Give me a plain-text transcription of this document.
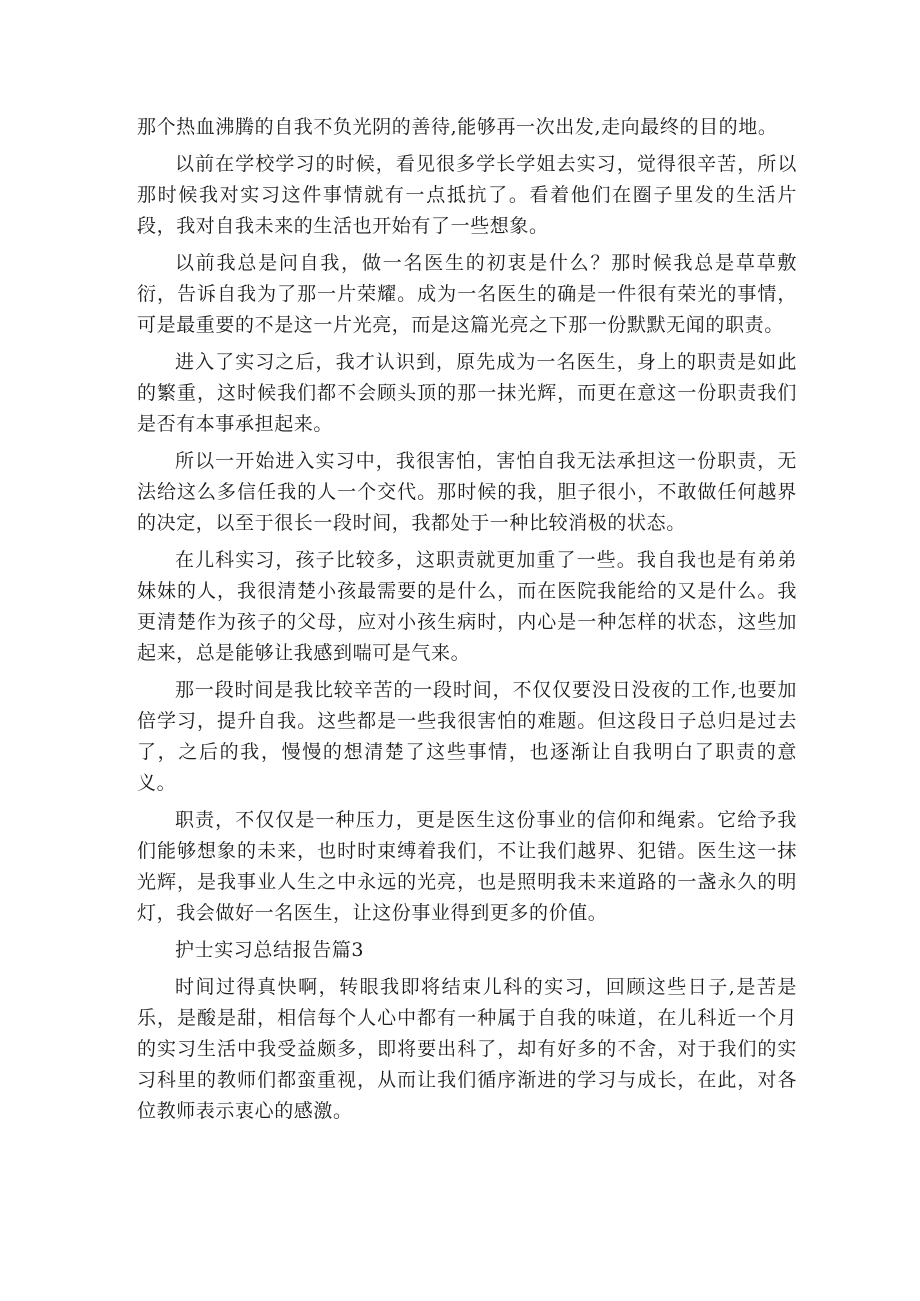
那个热血沸腾的自我不负光阴的善待,能够再一次出发,走向最终的目的地。

以前在学校学习的时候，看见很多学长学姐去实习，觉得很辛苦，所以那时候我对实习这件事情就有一点抵抗了。看着他们在圈子里发的生活片段，我对自我未来的生活也开始有了一些想象。

以前我总是问自我，做一名医生的初衷是什么？那时候我总是草草敷衍，告诉自我为了那一片荣耀。成为一名医生的确是一件很有荣光的事情，可是最重要的不是这一片光亮，而是这篇光亮之下那一份默默无闻的职责。

进入了实习之后，我才认识到，原先成为一名医生，身上的职责是如此的繁重，这时候我们都不会顾头顶的那一抹光辉，而更在意这一份职责我们是否有本事承担起来。

所以一开始进入实习中，我很害怕，害怕自我无法承担这一份职责，无法给这么多信任我的人一个交代。那时候的我，胆子很小，不敢做任何越界的决定，以至于很长一段时间，我都处于一种比较消极的状态。

在儿科实习，孩子比较多，这职责就更加重了一些。我自我也是有弟弟妹妹的人，我很清楚小孩最需要的是什么，而在医院我能给的又是什么。我更清楚作为孩子的父母，应对小孩生病时，内心是一种怎样的状态，这些加起来，总是能够让我感到喘可是气来。

那一段时间是我比较辛苦的一段时间，不仅仅要没日没夜的工作,也要加倍学习，提升自我。这些都是一些我很害怕的难题。但这段日子总归是过去了，之后的我，慢慢的想清楚了这些事情，也逐渐让自我明白了职责的意义。

职责，不仅仅是一种压力，更是医生这份事业的信仰和绳索。它给予我们能够想象的未来，也时时束缚着我们，不让我们越界、犯错。医生这一抹光辉，是我事业人生之中永远的光亮，也是照明我未来道路的一盏永久的明灯，我会做好一名医生，让这份事业得到更多的价值。

护士实习总结报告篇3

时间过得真快啊，转眼我即将结束儿科的实习，回顾这些日子,是苦是乐，是酸是甜，相信每个人心中都有一种属于自我的味道，在儿科近一个月的实习生活中我受益颇多，即将要出科了，却有好多的不舍，对于我们的实习科里的教师们都蛮重视，从而让我们循序渐进的学习与成长，在此，对各位教师表示衷心的感激。
